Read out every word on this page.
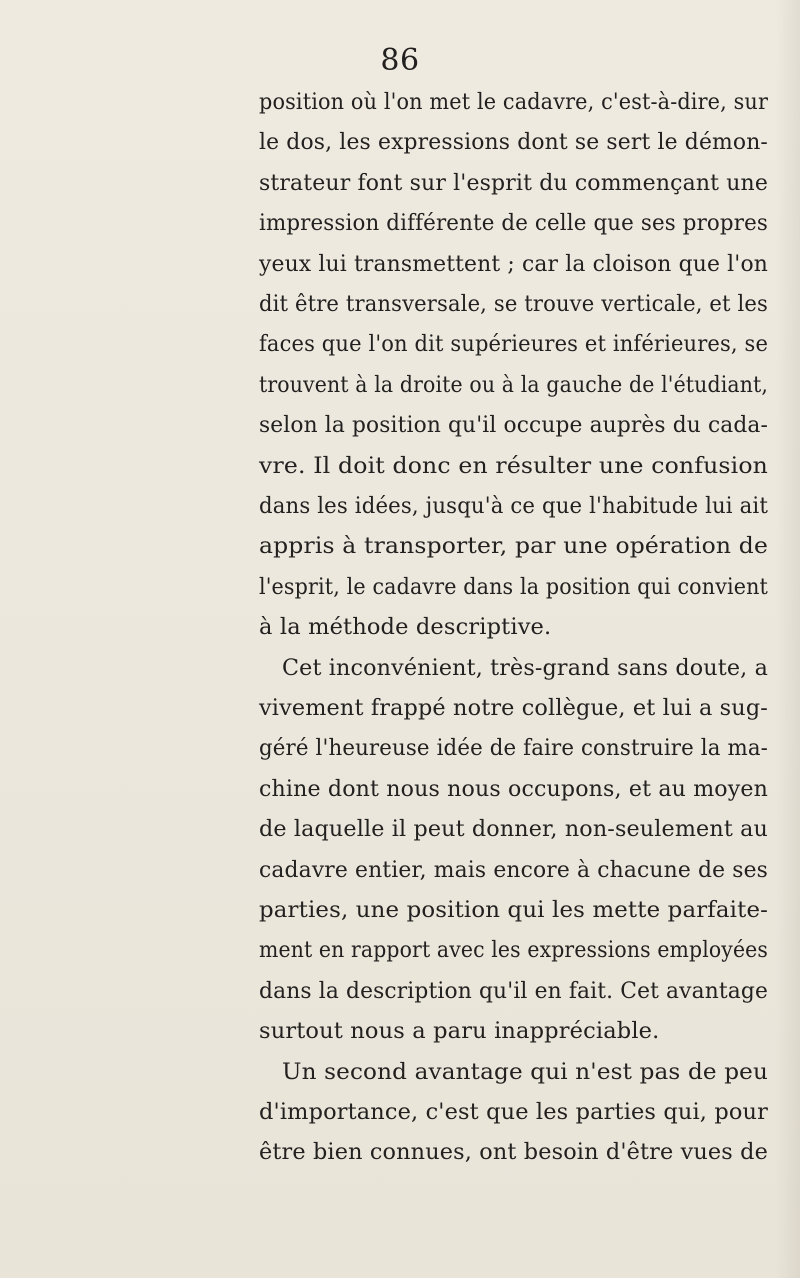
86
position où l'on met le cadavre, c'est-à-dire, sur
le dos, les expressions dont se sert le démon-
strateur font sur l'esprit du commençant une
impression différente de celle que ses propres
yeux lui transmettent ; car la cloison que l'on
dit être transversale, se trouve verticale, et les
faces que l'on dit supérieures et inférieures, se
trouvent à la droite ou à la gauche de l'étudiant,
selon la position qu'il occupe auprès du cada-
vre. Il doit donc en résulter une confusion
dans les idées, jusqu'à ce que l'habitude lui ait
appris à transporter, par une opération de
l'esprit, le cadavre dans la position qui convient
à la méthode descriptive.
Cet inconvénient, très-grand sans doute, a
vivement frappé notre collègue, et lui a sug-
géré l'heureuse idée de faire construire la ma-
chine dont nous nous occupons, et au moyen
de laquelle il peut donner, non-seulement au
cadavre entier, mais encore à chacune de ses
parties, une position qui les mette parfaite-
ment en rapport avec les expressions employées
dans la description qu'il en fait. Cet avantage
surtout nous a paru inappréciable.
Un second avantage qui n'est pas de peu
d'importance, c'est que les parties qui, pour
être bien connues, ont besoin d'être vues de
